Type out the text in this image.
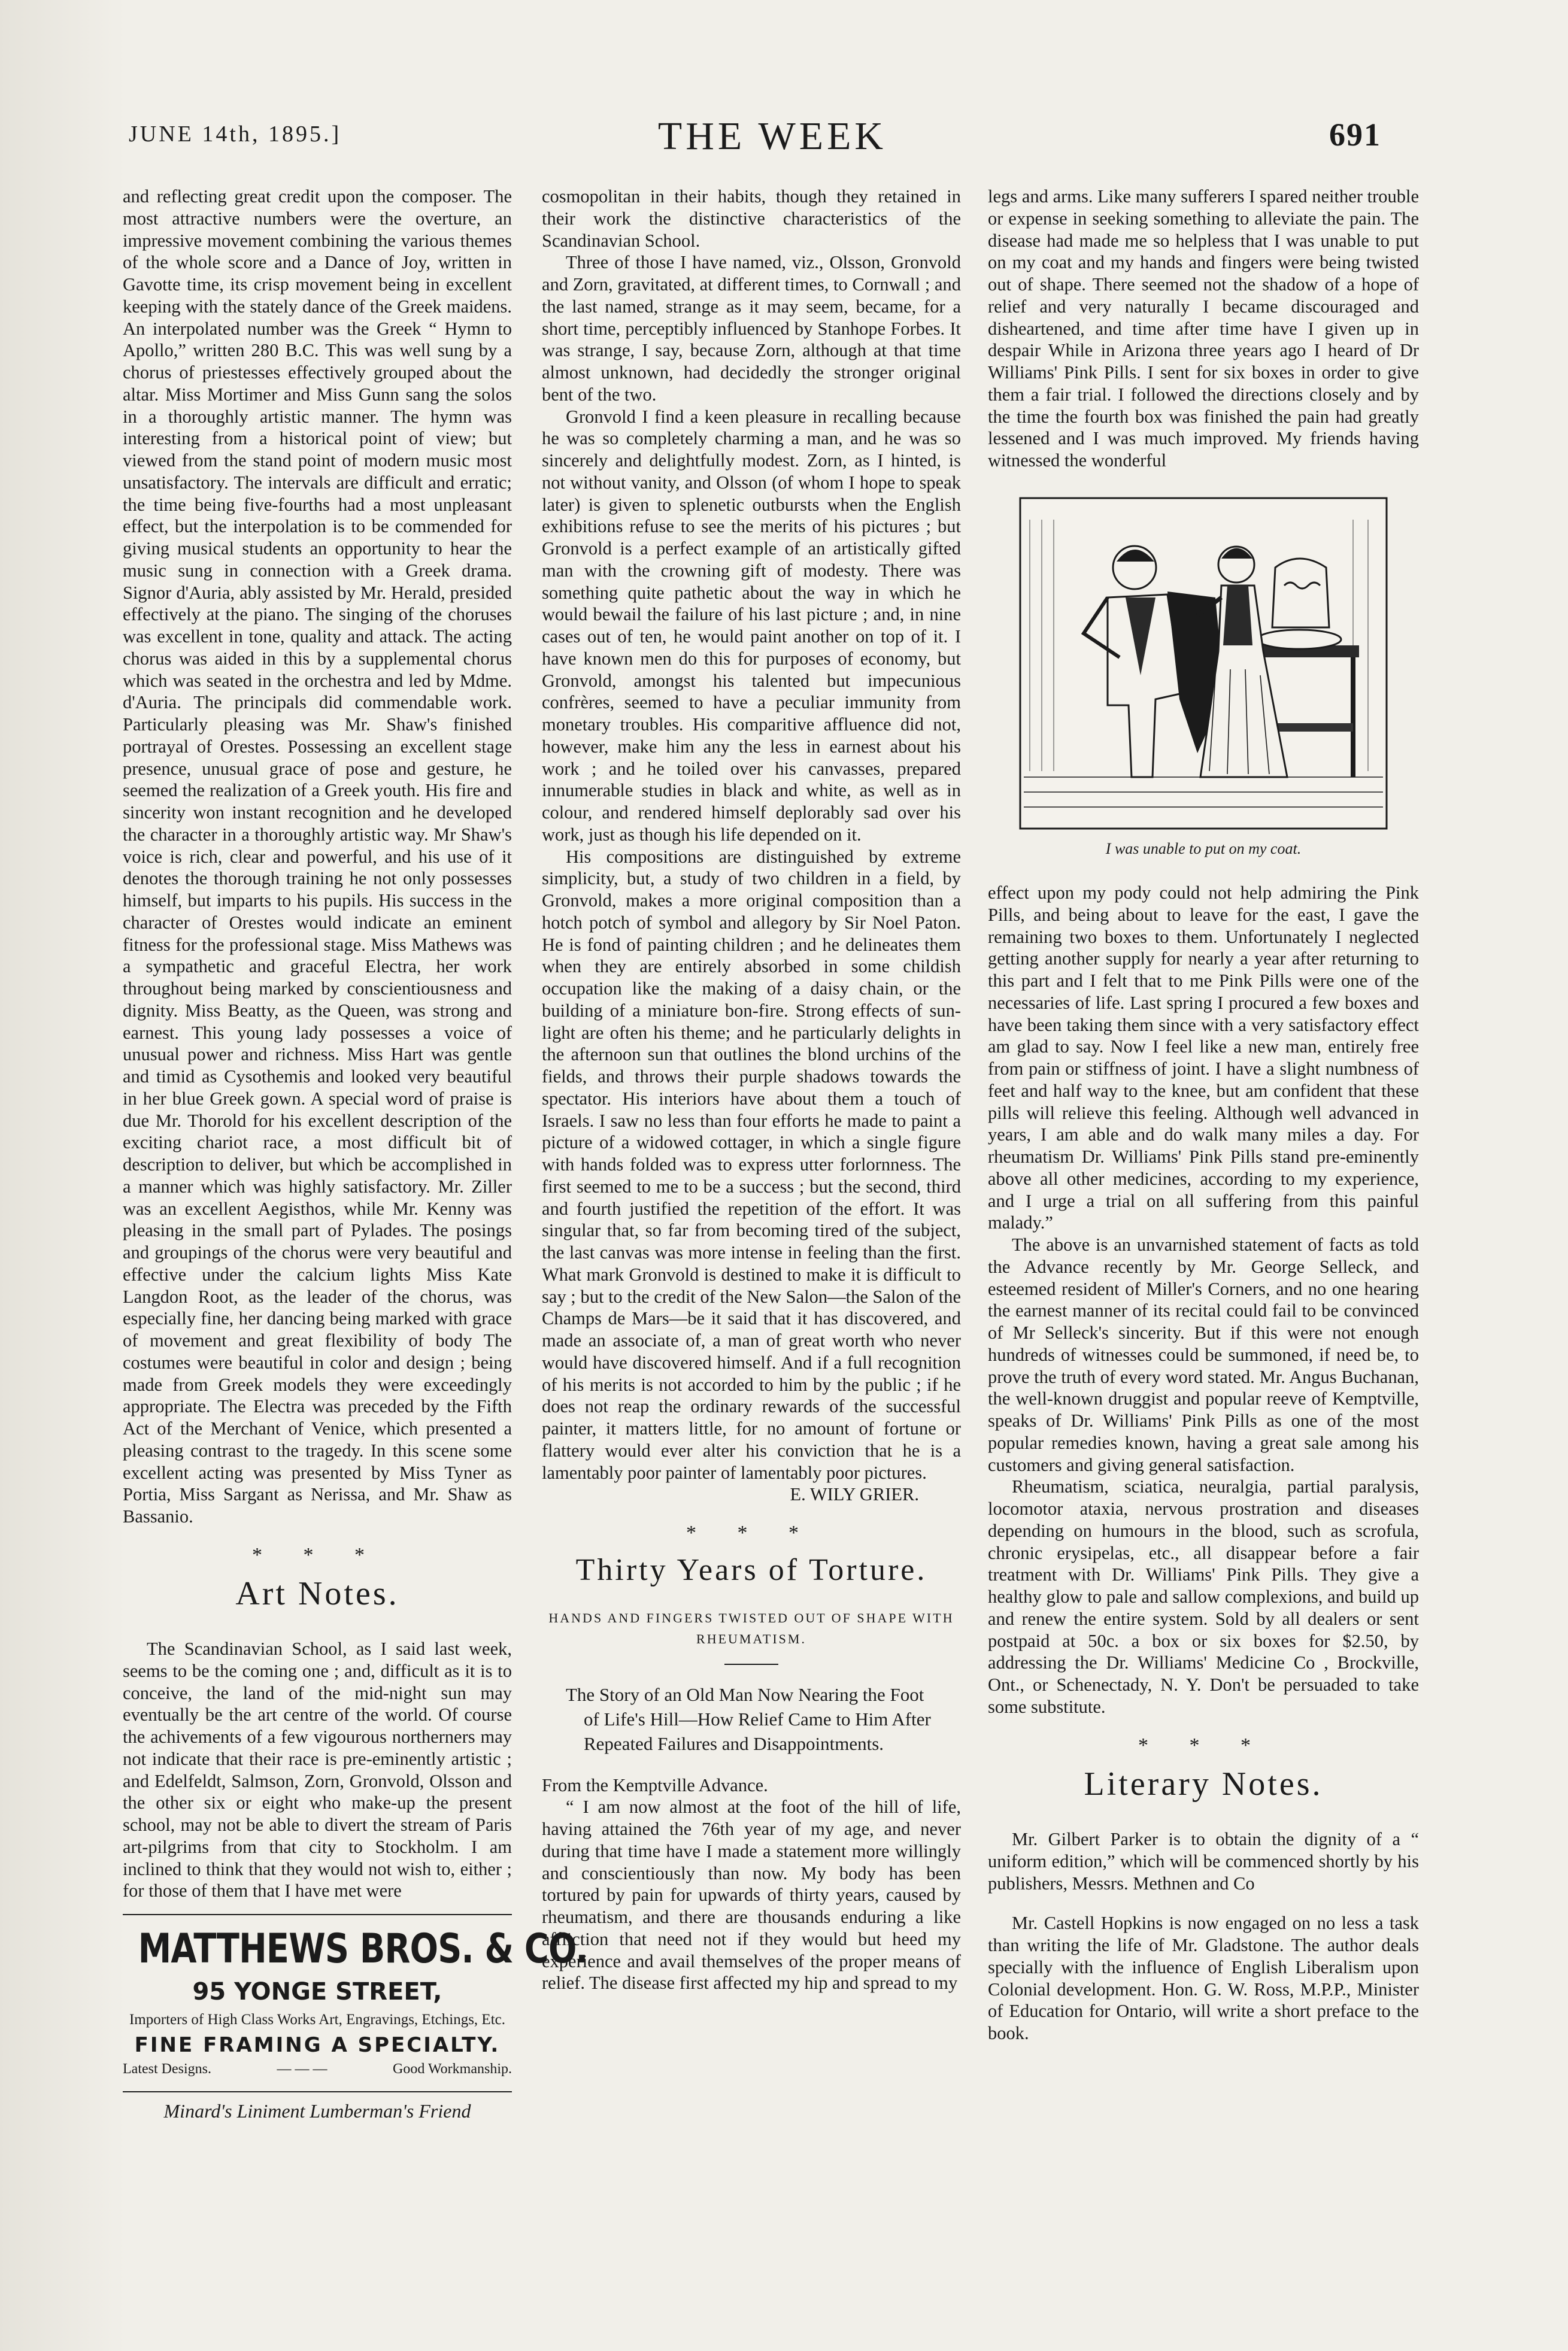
JUNE 14th, 1895.]	THE WEEK	691

and reflecting great credit upon the composer. The most attractive numbers were the overture, an impressive movement combining the various themes of the whole score and a Dance of Joy, written in Gavotte time, its crisp movement being in excellent keeping with the stately dance of the Greek maidens. An interpolated number was the Greek “ Hymn to Apollo,” written 280 B.C. This was well sung by a chorus of priestesses effectively grouped about the altar. Miss Mortimer and Miss Gunn sang the solos in a thoroughly artistic manner. The hymn was interesting from a historical point of view; but viewed from the stand point of modern music most unsatisfactory. The intervals are difficult and erratic; the time being five-fourths had a most unpleasant effect, but the interpolation is to be commended for giving musical students an opportunity to hear the music sung in connection with a Greek drama. Signor d'Auria, ably assisted by Mr. Herald, presided effectively at the piano. The singing of the choruses was excellent in tone, quality and attack. The acting chorus was aided in this by a supplemental chorus which was seated in the orchestra and led by Mdme. d'Auria. The principals did commendable work. Particularly pleasing was Mr. Shaw's finished portrayal of Orestes. Possessing an excellent stage presence, unusual grace of pose and gesture, he seemed the realization of a Greek youth. His fire and sincerity won instant recognition and he developed the character in a thoroughly artistic way. Mr Shaw's voice is rich, clear and powerful, and his use of it denotes the thorough training he not only possesses himself, but imparts to his pupils. His success in the character of Orestes would indicate an eminent fitness for the professional stage. Miss Mathews was a sympathetic and graceful Electra, her work throughout being marked by conscientiousness and dignity. Miss Beatty, as the Queen, was strong and earnest. This young lady possesses a voice of unusual power and richness. Miss Hart was gentle and timid as Cysothemis and looked very beautiful in her blue Greek gown. A special word of praise is due Mr. Thorold for his excellent description of the exciting chariot race, a most difficult bit of description to deliver, but which be accomplished in a manner which was highly satisfactory. Mr. Ziller was an excellent Aegisthos, while Mr. Kenny was pleasing in the small part of Pylades. The posings and groupings of the chorus were very beautiful and effective under the calcium lights Miss Kate Langdon Root, as the leader of the chorus, was especially fine, her dancing being marked with grace of movement and great flexibility of body The costumes were beautiful in color and design ; being made from Greek models they were exceedingly appropriate. The Electra was preceded by the Fifth Act of the Merchant of Venice, which presented a pleasing contrast to the tragedy. In this scene some excellent acting was presented by Miss Tyner as Portia, Miss Sargant as Nerissa, and Mr. Shaw as Bassanio.

* * *
Art Notes.

The Scandinavian School, as I said last week, seems to be the coming one ; and, difficult as it is to conceive, the land of the mid-night sun may eventually be the art centre of the world. Of course the achivements of a few vigourous northerners may not indicate that their race is pre-eminently artistic ; and Edelfeldt, Salmson, Zorn, Gronvold, Olsson and the other six or eight who make-up the present school, may not be able to divert the stream of Paris art-pilgrims from that city to Stockholm. I am inclined to think that they would not wish to, either ; for those of them that I have met were

MATTHEWS BROS. & CO.
95 YONGE STREET,
Importers of High Class Works Art, Engravings, Etchings, Etc.
FINE FRAMING A SPECIALTY.
Latest Designs.	— — —	Good Workmanship.
Minard's Liniment Lumberman's Friend

cosmopolitan in their habits, though they retained in their work the distinctive characteristics of the Scandinavian School.

Three of those I have named, viz., Olsson, Gronvold and Zorn, gravitated, at different times, to Cornwall ; and the last named, strange as it may seem, became, for a short time, perceptibly influenced by Stanhope Forbes. It was strange, I say, because Zorn, although at that time almost unknown, had decidedly the stronger original bent of the two.

Gronvold I find a keen pleasure in recalling because he was so completely charming a man, and he was so sincerely and delightfully modest. Zorn, as I hinted, is not without vanity, and Olsson (of whom I hope to speak later) is given to splenetic outbursts when the English exhibitions refuse to see the merits of his pictures ; but Gronvold is a perfect example of an artistically gifted man with the crowning gift of modesty. There was something quite pathetic about the way in which he would bewail the failure of his last picture ; and, in nine cases out of ten, he would paint another on top of it. I have known men do this for purposes of economy, but Gronvold, amongst his talented but impecunious confrères, seemed to have a peculiar immunity from monetary troubles. His comparitive affluence did not, however, make him any the less in earnest about his work ; and he toiled over his canvasses, prepared innumerable studies in black and white, as well as in colour, and rendered himself deplorably sad over his work, just as though his life depended on it.

His compositions are distinguished by extreme simplicity, but, a study of two children in a field, by Gronvold, makes a more original composition than a hotch potch of symbol and allegory by Sir Noel Paton. He is fond of painting children ; and he delineates them when they are entirely absorbed in some childish occupation like the making of a daisy chain, or the building of a miniature bon-fire. Strong effects of sun-light are often his theme; and he particularly delights in the afternoon sun that outlines the blond urchins of the fields, and throws their purple shadows towards the spectator. His interiors have about them a touch of Israels. I saw no less than four efforts he made to paint a picture of a widowed cottager, in which a single figure with hands folded was to express utter forlornness. The first seemed to me to be a success ; but the second, third and fourth justified the repetition of the effort. It was singular that, so far from becoming tired of the subject, the last canvas was more intense in feeling than the first. What mark Gronvold is destined to make it is difficult to say ; but to the credit of the New Salon—the Salon of the Champs de Mars—be it said that it has discovered, and made an associate of, a man of great worth who never would have discovered himself. And if a full recognition of his merits is not accorded to him by the public ; if he does not reap the ordinary rewards of the successful painter, it matters little, for no amount of fortune or flattery would ever alter his conviction that he is a lamentably poor painter of lamentably poor pictures.

E. WILY GRIER.
* * *
Thirty Years of Torture.
HANDS AND FINGERS TWISTED OUT OF SHAPE WITH RHEUMATISM.
The Story of an Old Man Now Nearing the Foot of Life's Hill—How Relief Came to Him After Repeated Failures and Disappointments.

From the Kemptville Advance.

“ I am now almost at the foot of the hill of life, having attained the 76th year of my age, and never during that time have I made a statement more willingly and conscientiously than now. My body has been tortured by pain for upwards of thirty years, caused by rheumatism, and there are thousands enduring a like affliction that need not if they would but heed my experience and avail themselves of the proper means of relief. The disease first affected my hip and spread to my

legs and arms. Like many sufferers I spared neither trouble or expense in seeking something to alleviate the pain. The disease had made me so helpless that I was unable to put on my coat and my hands and fingers were being twisted out of shape. There seemed not the shadow of a hope of relief and very naturally I became discouraged and disheartened, and time after time have I given up in despair While in Arizona three years ago I heard of Dr Williams' Pink Pills. I sent for six boxes in order to give them a fair trial. I followed the directions closely and by the time the fourth box was finished the pain had greatly lessened and I was much improved. My friends having witnessed the wonderful

I was unable to put on my coat.

effect upon my pody could not help admiring the Pink Pills, and being about to leave for the east, I gave the remaining two boxes to them. Unfortunately I neglected getting another supply for nearly a year after returning to this part and I felt that to me Pink Pills were one of the necessaries of life. Last spring I procured a few boxes and have been taking them since with a very satisfactory effect am glad to say. Now I feel like a new man, entirely free from pain or stiffness of joint. I have a slight numbness of feet and half way to the knee, but am confident that these pills will relieve this feeling. Although well advanced in years, I am able and do walk many miles a day. For rheumatism Dr. Williams' Pink Pills stand pre-eminently above all other medicines, according to my experience, and I urge a trial on all suffering from this painful malady.”

The above is an unvarnished statement of facts as told the Advance recently by Mr. George Selleck, and esteemed resident of Miller's Corners, and no one hearing the earnest manner of its recital could fail to be convinced of Mr Selleck's sincerity. But if this were not enough hundreds of witnesses could be summoned, if need be, to prove the truth of every word stated. Mr. Angus Buchanan, the well-known druggist and popular reeve of Kemptville, speaks of Dr. Williams' Pink Pills as one of the most popular remedies known, having a great sale among his customers and giving general satisfaction.

Rheumatism, sciatica, neuralgia, partial paralysis, locomotor ataxia, nervous prostration and diseases depending on humours in the blood, such as scrofula, chronic erysipelas, etc., all disappear before a fair treatment with Dr. Williams' Pink Pills. They give a healthy glow to pale and sallow complexions, and build up and renew the entire system. Sold by all dealers or sent postpaid at 50c. a box or six boxes for $2.50, by addressing the Dr. Williams' Medicine Co , Brockville, Ont., or Schenectady, N. Y. Don't be persuaded to take some substitute.

* * *
Literary Notes.

Mr. Gilbert Parker is to obtain the dignity of a “ uniform edition,” which will be commenced shortly by his publishers, Messrs. Methnen and Co

Mr. Castell Hopkins is now engaged on no less a task than writing the life of Mr. Gladstone. The author deals specially with the influence of English Liberalism upon Colonial development. Hon. G. W. Ross, M.P.P., Minister of Education for Ontario, will write a short preface to the book.
